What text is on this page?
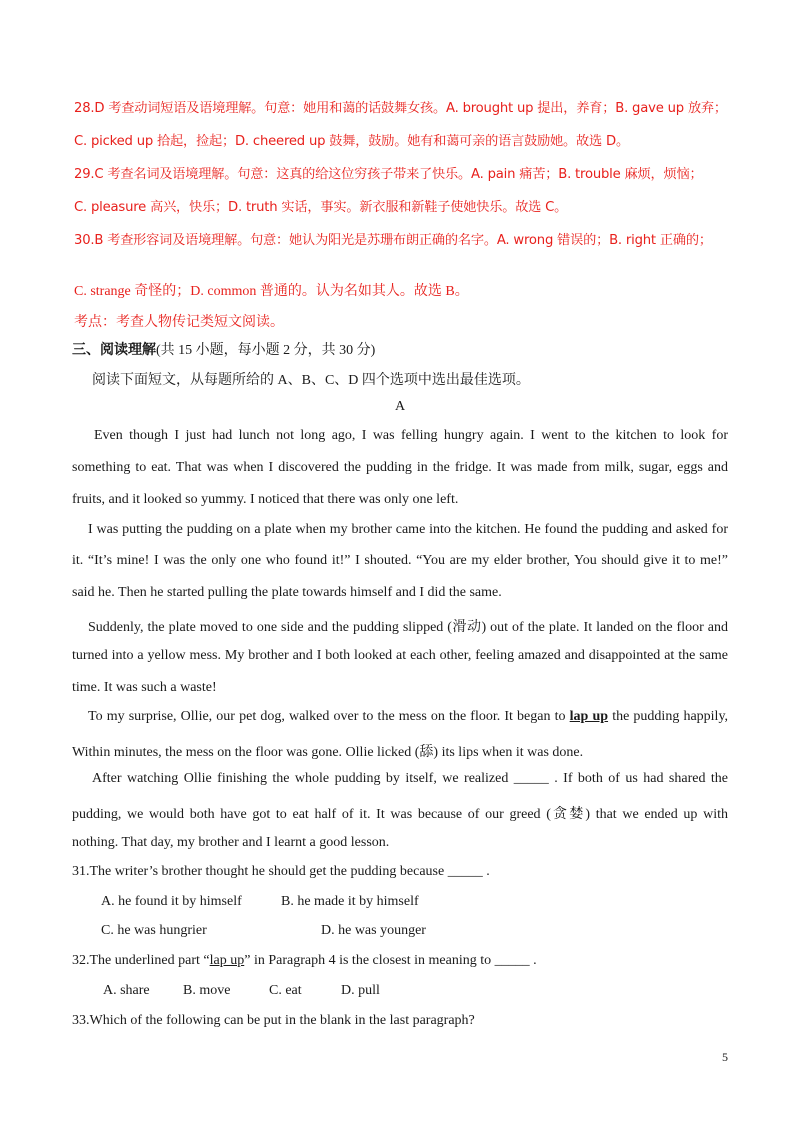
28.D 考查动词短语及语境理解。句意：她用和蔼的话鼓舞女孩。A. brought up 提出，养育；B. gave up 放弃；
C. picked up 拾起，捡起；D. cheered up 鼓舞，鼓励。她有和蔼可亲的语言鼓励她。故选 D。
29.C 考查名词及语境理解。句意：这真的给这位穷孩子带来了快乐。A. pain 痛苦；B. trouble 麻烦，烦恼；
C. pleasure 高兴，快乐；D. truth 实话，事实。新衣服和新鞋子使她快乐。故选 C。
30.B 考查形容词及语境理解。句意：她认为阳光是苏珊布朗正确的名字。A. wrong 错误的；B. right 正确的；
C. strange 奇怪的；D. common 普通的。认为名如其人。故选 B。
考点：考查人物传记类短文阅读。
三、阅读理解(共 15 小题，每小题 2 分，共 30 分)
阅读下面短文，从每题所给的 A、B、C、D 四个选项中选出最佳选项。
A
Even though I just had lunch not long ago, I was felling hungry again. I went to the kitchen to look for
something to eat. That was when I discovered the pudding in the fridge. It was made from milk, sugar, eggs and
fruits, and it looked so yummy. I noticed that there was only one left.
I was putting the pudding on a plate when my brother came into the kitchen. He found the pudding and asked for
it. “It’s mine! I was the only one who found it!” I shouted. “You are my elder brother, You should give it to me!”
said he. Then he started pulling the plate towards himself and I did the same.
Suddenly, the plate moved to one side and the pudding slipped (滑动) out of the plate. It landed on the floor and
turned into a yellow mess. My brother and I both looked at each other, feeling amazed and disappointed at the same
time. It was such a waste!
To my surprise, Ollie, our pet dog, walked over to the mess on the floor. It began to lap up the pudding happily,
Within minutes, the mess on the floor was gone. Ollie licked (舔) its lips when it was done.
After watching Ollie finishing the whole pudding by itself, we realized _____ . If both of us had shared the
pudding, we would both have got to eat half of it. It was because of our greed (贪婪) that we ended up with
nothing. That day, my brother and I learnt a good lesson.
31.The writer’s brother thought he should get the pudding because _____ .
A. he found it by himself	B. he made it by himself
C. he was hungrier	D. he was younger
32.The underlined part “lap up” in Paragraph 4 is the closest in meaning to _____ .
A. share B. move	C. eat	D. pull
33.Which of the following can be put in the blank in the last paragraph?
5
